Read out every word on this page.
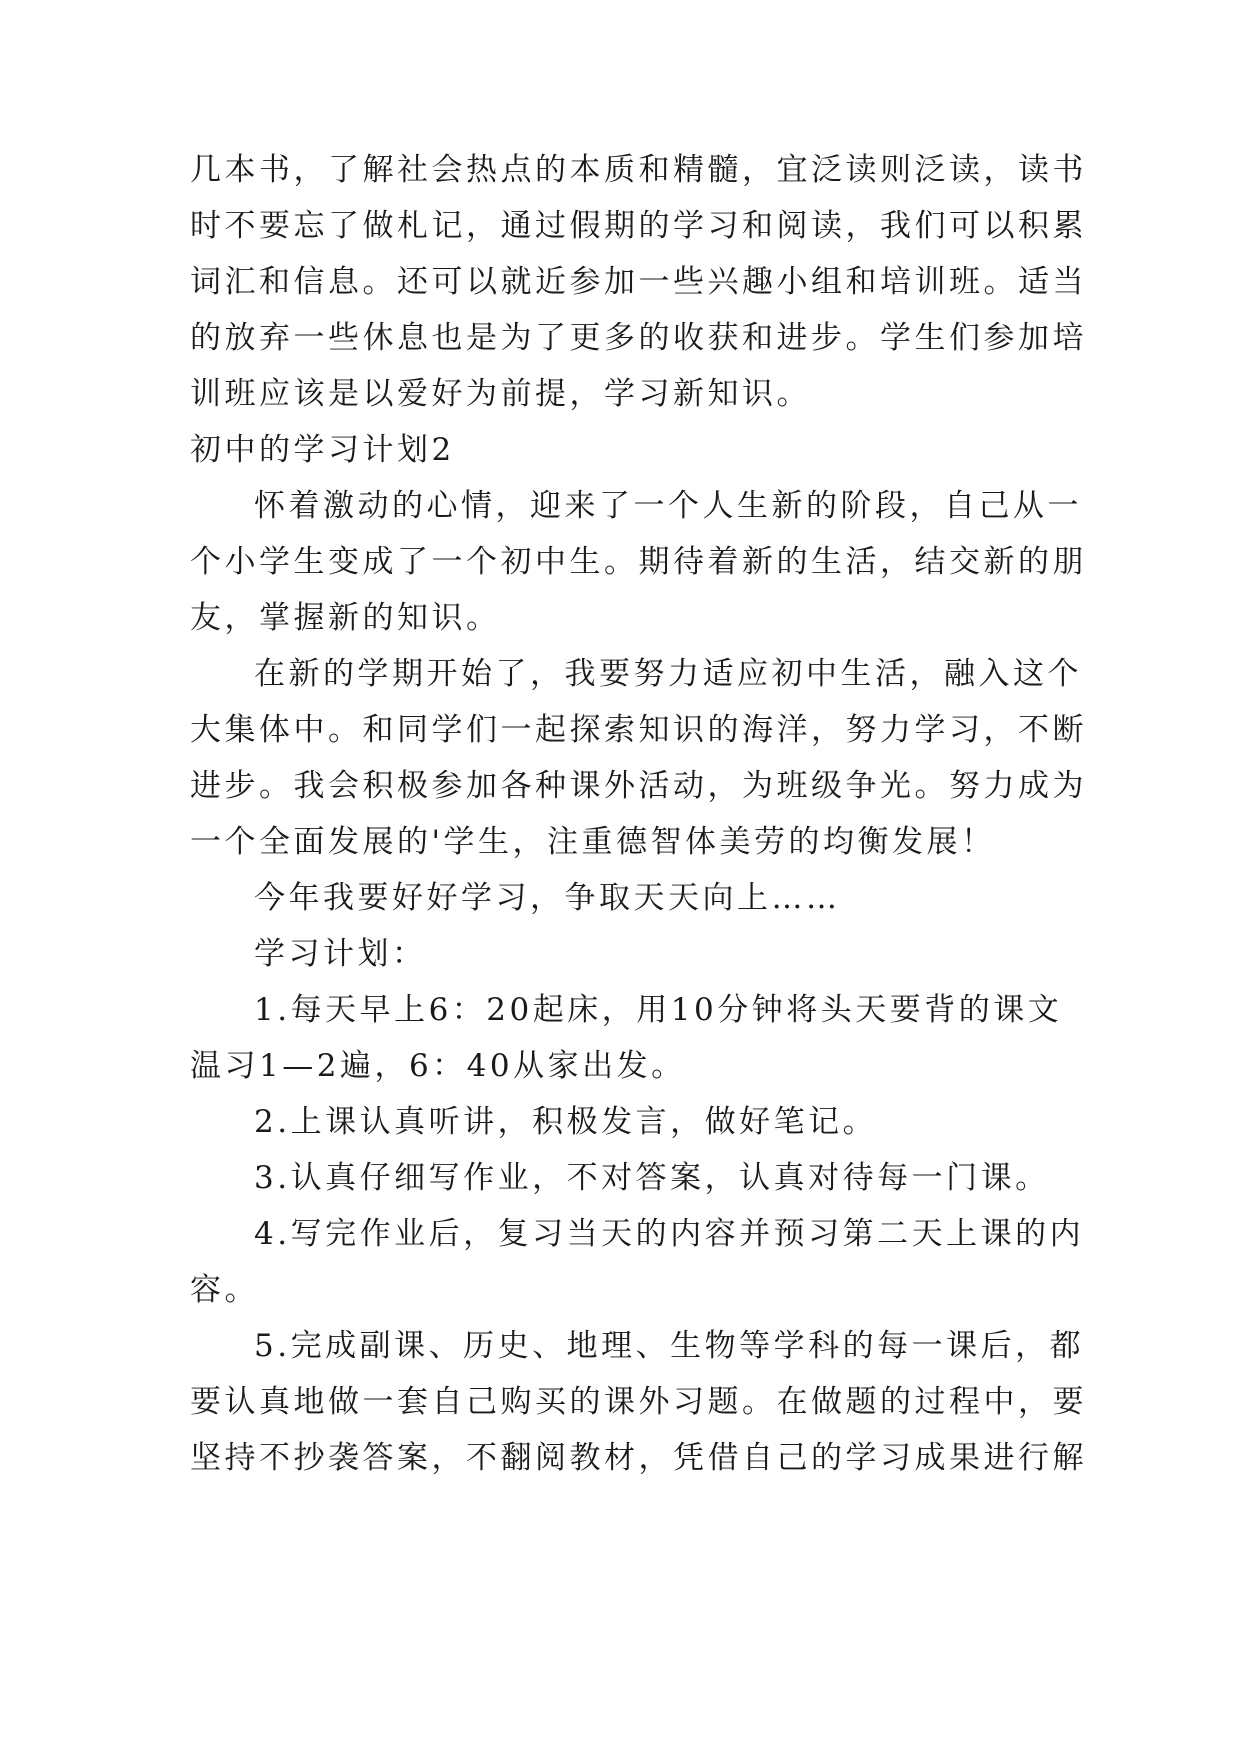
几本书，了解社会热点的本质和精髓，宜泛读则泛读，读书
时不要忘了做札记，通过假期的学习和阅读，我们可以积累
词汇和信息。还可以就近参加一些兴趣小组和培训班。适当
的放弃一些休息也是为了更多的收获和进步。学生们参加培
训班应该是以爱好为前提，学习新知识。
初中的学习计划2
怀着激动的心情，迎来了一个人生新的阶段，自己从一
个小学生变成了一个初中生。期待着新的生活，结交新的朋
友，掌握新的知识。
在新的学期开始了，我要努力适应初中生活，融入这个
大集体中。和同学们一起探索知识的海洋，努力学习，不断
进步。我会积极参加各种课外活动，为班级争光。努力成为
一个全面发展的'学生，注重德智体美劳的均衡发展！
今年我要好好学习，争取天天向上……
学习计划：
1.每天早上6：20起床，用10分钟将头天要背的课文
温习1—2遍，6：40从家出发。
2.上课认真听讲，积极发言，做好笔记。
3.认真仔细写作业，不对答案，认真对待每一门课。
4.写完作业后，复习当天的内容并预习第二天上课的内
容。
5.完成副课、历史、地理、生物等学科的每一课后，都
要认真地做一套自己购买的课外习题。在做题的过程中，要
坚持不抄袭答案，不翻阅教材，凭借自己的学习成果进行解
